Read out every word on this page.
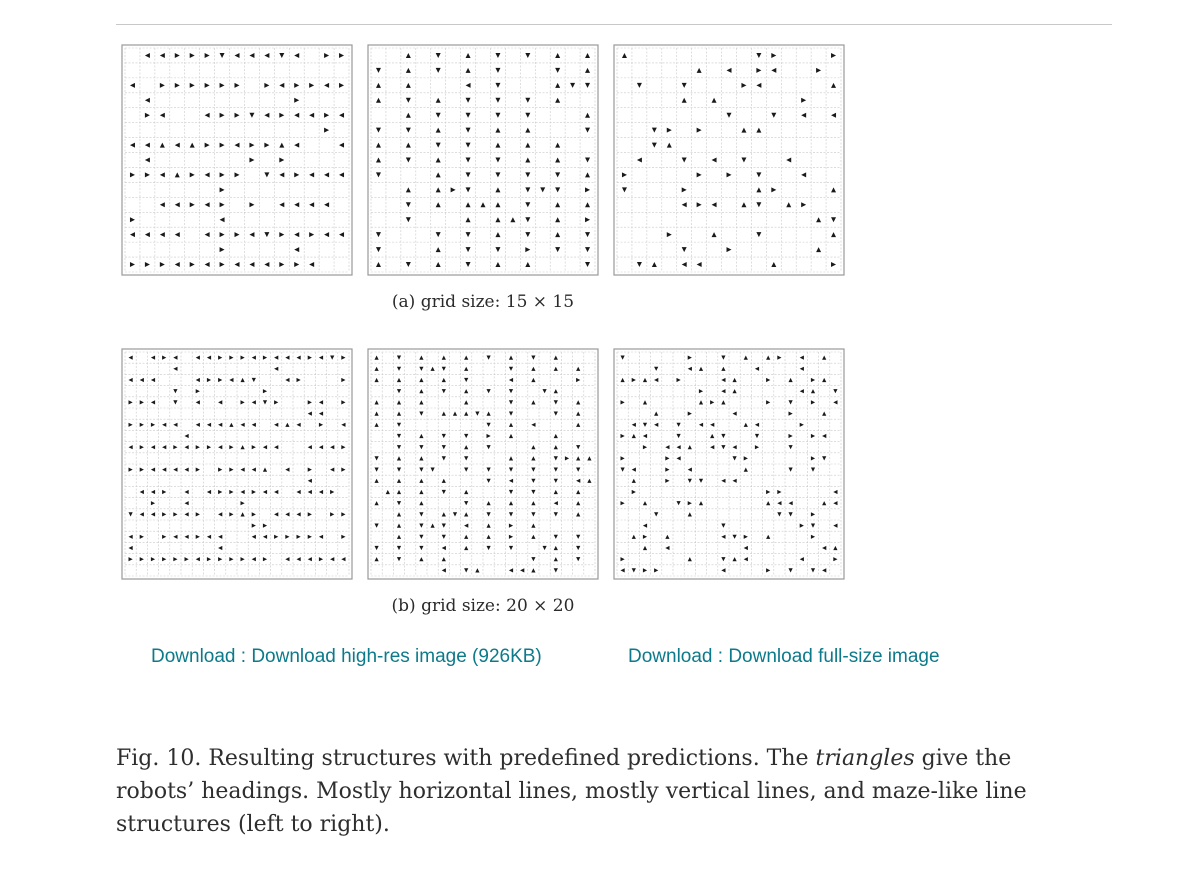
(a) grid size: 15 × 15
(b) grid size: 20 × 20
Download : Download high-res image (926KB)	Download : Download full-size image
Fig. 10. Resulting structures with predefined predictions. The triangles give the robots’ headings. Mostly horizontal lines, mostly vertical lines, and maze-like line structures (left to right).
